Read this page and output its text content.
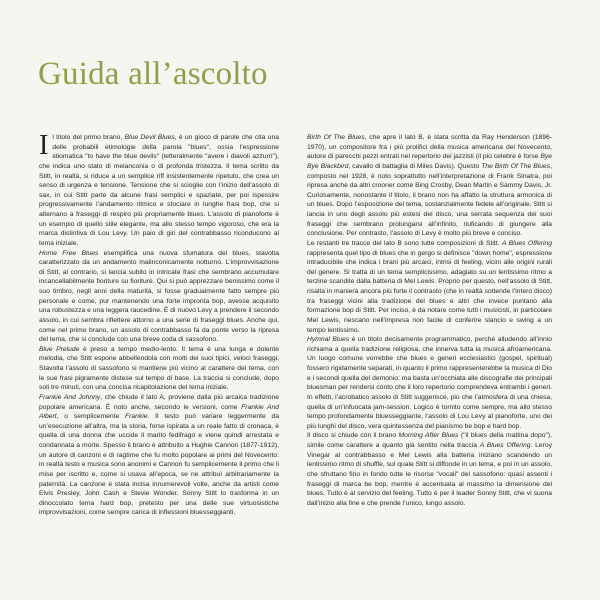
Guida all’ascolto
I l titolo del primo brano, Blue Devil Blues, è un gioco di parole che cita una delle probabili etimologie della parola "blues", ossia l’espressione idiomatica "to have the blue devils" (letteralmente "avere i diavoli azzurri"), che indica uno stato di melanconia o di profonda tristezza. Il tema scritto da Stitt, in realtà, si riduce a un semplice riff insistentemente ripetuto, che crea un senso di urgenza e tensione. Tensione che si scioglie con l’inizio dell’assolo di sax, in cui Stitt parte da alcune frasi semplici e spaziate, per poi ispessire progressivamente l’andamento ritmico e sfociare in lunghe frasi bop, che si alternano a fraseggi di respiro più propriamente blues. L’assolo di pianoforte è un esempio di quello stile elegante, ma allo stesso tempo vigoroso, che era la marca distintiva di Lou Levy. Un paio di giri del contrabbasso riconducono al tema iniziale.

Home Free Blues esemplifica una nuova sfumatura del blues, stavolta caratterizzato da un andamento malinconicamente notturno. L’improvvisazione di Stitt, al contrario, si lancia subito in intricate frasi che sembrano accumulare incancellabilmente fioriture su fioriture. Qui si può apprezzare benissimo come il suo timbro, negli anni della maturità, si fosse gradualmente fatto sempre più personale e come, pur mantenendo una forte impronta bop, avesse acquisito una robustezza e una leggera raucedine. È di nuovo Levy a prendere il secondo assolo, in cui sembra riflettere attorno a una serie di fraseggi blues. Anche qui, come nel primo brano, un assolo di contrabbasso fa da ponte verso la ripresa del tema, che si conclude con una breve coda di sassofono.

Blue Prelude è preso a tempo medio-lento. Il tema è una lunga e dolente melodia, che Stitt espone abbellendola con molti dei suoi tipici, veloci fraseggi. Stavolta l’assolo di sassofono si mantiene più vicino al carattere del tema, con le sue frasi pigramente distese sul tempo di base. La traccia si conclude, dopo soli tre minuti, con una concisa ricapitolazione del tema iniziale.

Frankie And Johnny, che chiude il lato A, proviene dalla più arcaica tradizione popolare americana. È noto anche, secondo le versioni, come Frankie And Albert, o semplicemente Frankie. Il testo può variare leggermente da un’esecuzione all’altra, ma la storia, forse ispirata a un reale fatto di cronaca, è quella di una donna che uccide il marito fedifrago e viene quindi arrestata e condannata a morte. Spesso il brano è attribuito a Hughie Cannon (1877-1912), un autore di canzoni e di ragtime che fu molto popolare ai primi del Novecento: in realtà testo e musica sono anonimi e Cannon fu semplicemente il primo che li mise per iscritto e, come si usava all’epoca, se ne attribuì arbitrariamente la paternità. La canzone è stata incisa innumerevoli volte, anche da artisti come Elvis Presley, John Cash e Stevie Wonder. Sonny Stitt lo trasforma in un dinoccolato tema hard bop, pretesto per una delle sue virtuosistiche improvvisazioni, come sempre carica di inflessioni bluesseggianti.

Birth Of The Blues, che apre il lato B, è stata scritta da Ray Henderson (1896-1970), un compositore fra i più prolifici della musica americana del Novecento, autore di parecchi pezzi entrati nel repertorio dei jazzisti (il più celebre è forse Bye Bye Blackbird, cavallo di battaglia di Miles Davis). Questo The Birth Of The Blues, composto nel 1928, è noto soprattutto nell’interpretazione di Frank Sinatra, poi ripresa anche da altri crooner come Bing Crosby, Dean Martin e Sammy Davis, Jr. Curiosamente, nonostante il titolo, il brano non ha affatto la struttura armonica di un blues. Dopo l’esposizione del tema, sostanzialmente fedele all’originale, Stitt si lancia in uno degli assolo più estesi del disco, una serrata sequenza dei suoi fraseggi che sembrano prolungarsi all’infinito, riuficando di giungere alla conclusione. Per contrasto, l’assolo di Levy è molto più breve e conciso.

Le restanti tre tracce del lato B sono tutte composizioni di Stitt. A Blues Offering rappresenta quel tipo di blues che in gergo si definisce "down home", espressione intraducibile che indica i brani più arcaici, intrisi di feeling, vicini alle origini rurali del genere. Si tratta di un tema semplicissimo, adagiato su un lentissimo ritmo a terzine scandite dalla batteria di Mel Lewis. Proprio per questo, nell’assolo di Stitt, risalta in maniera ancora più forte il contrasto (che in realtà sottende l’intero disco) tra fraseggi vicini alla tradizione del blues e altri che invece puntano alla formazione bop di Stitt. Per inciso, è da notare come tutti i musicisti, in particolare Mel Lewis, riescano nell’impresa non facile di conferire slancio e swing a un tempo lentissimo.

Hymnal Blues è un titolo decisamente programmatico, perché alludendo all’innio richiama a quella tradizione religiosa, che innerva tutta la musica afroamericana. Un luogo comune vorrebbe che blues e generi ecclesiastici (gospel, spiritual) fossero rigidamente separati, in quanto il primo rappresenterebbe la musica di Dio e i secondi quella del demonio: ma basta un’occhiata alle discografie dei principali bluesman per rendersi conto che il loro repertorio comprendeva entrambi i generi. In effetti, l’acrobatico assolo di Stitt suggerisce, più che l’atmosfera di una chiesa, quella di un’infuocata jam-session. Logico è tornito come sempre, ma allo stesso tempo profondamente bluesseggiante, l’assolo di Lou Levy al pianoforte, uno dei più lunghi del disco, vera quintessenza del pianismo be bop e hard bop.

Il disco si chiude con il brano Morning After Blues ("il blues della mattina dopo"), simile come carattere a quanto già sentito nella traccia A Blues Offering. Leroy Vinegar al contrabbasso e Mel Lewis alla batteria iniziano scandendo un lentissimo ritmo di shuffle, sul quale Stitt si diffonde in un tema, e poi in un assolo, che sfruttano fino in fondo tutte le risorse "vocali" del sassofono: quasi assenti i fraseggi di marca be bop, mentre è accentuata al massimo la dimensione del blues. Tutto è al servizio del feeling. Tutto è per il leader Sonny Stitt, che vi suona dall’inizio alla fine e che prende l’unico, lungo assolo.
